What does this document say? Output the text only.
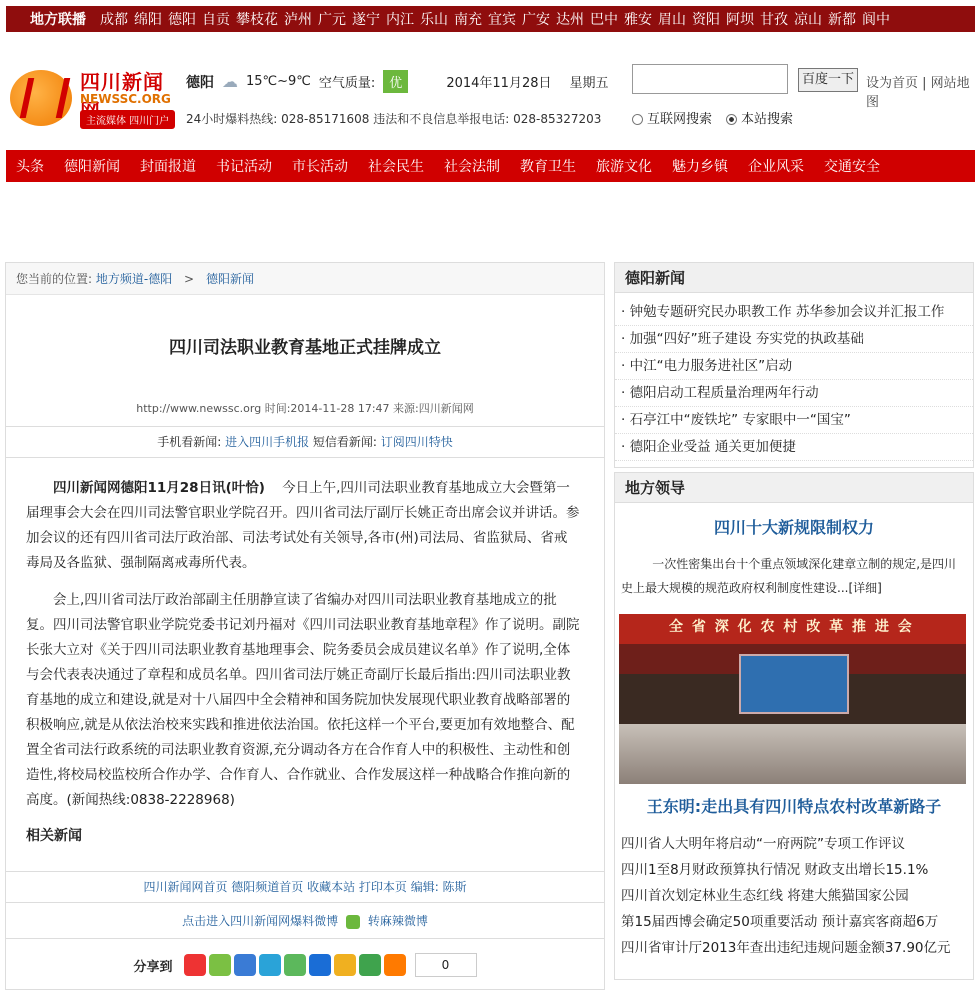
地方联播	成都 绵阳 德阳 自贡 攀枝花 泸州 广元 遂宁 内江 乐山 南充 宜宾 广安 达州 巴中 雅安 眉山 资阳 阿坝 甘孜 凉山 新都 阆中
四川新闻
NEWSSC.ORG
主流媒体 四川门户
德阳 ☁ 15℃~9℃ 空气质量:	优	2014年11月28日 星期五
24小时爆料热线: 028-85171608 违法和不良信息举报电话: 028-85327203
百度一下 设为首页 | 网站地图
互联网搜索	本站搜索
头条	德阳新闻	封面报道	书记活动	市长活动	社会民生	社会法制	教育卫生	旅游文化	魅力乡镇	企业风采	交通安全
您当前的位置: 地方频道-德阳 > 德阳新闻
四川司法职业教育基地正式挂牌成立
http://www.newssc.org 时间:2014-11-28 17:47 来源:四川新闻网
手机看新闻: 进入四川手机报 短信看新闻: 订阅四川特快

四川新闻网德阳11月28日讯(叶恰) 今日上午,四川司法职业教育基地成立大会暨第一届理事会大会在四川司法警官职业学院召开。四川省司法厅副厅长姚正奇出席会议并讲话。参加会议的还有四川省司法厅政治部、司法考试处有关领导,各市(州)司法局、省监狱局、省戒毒局及各监狱、强制隔离戒毒所代表。

会上,四川省司法厅政治部副主任朋静宣读了省编办对四川司法职业教育基地成立的批复。四川司法警官职业学院党委书记刘丹福对《四川司法职业教育基地章程》作了说明。副院长张大立对《关于四川司法职业教育基地理事会、院务委员会成员建议名单》作了说明,全体与会代表表决通过了章程和成员名单。四川省司法厅姚正奇副厅长最后指出:四川司法职业教育基地的成立和建设,就是对十八届四中全会精神和国务院加快发展现代职业教育战略部署的积极响应,就是从依法治校来实践和推进依法治国。依托这样一个平台,要更加有效地整合、配置全省司法行政系统的司法职业教育资源,充分调动各方在合作育人中的积极性、主动性和创造性,将校局校监校所合作办学、合作育人、合作就业、合作发展这样一种战略合作推向新的高度。(新闻热线:0838-2228968)

相关新闻
四川新闻网首页 德阳频道首页 收藏本站 打印本页 编辑: 陈斯
点击进入四川新闻网爆料微博 转麻辣微博
分享到	0
德阳新闻
· 钟勉专题研究民办职教工作 苏华参加会议并汇报工作
· 加强“四好”班子建设 夯实党的执政基础
· 中江“电力服务进社区”启动
· 德阳启动工程质量治理两年行动
· 石亭江中“废铁坨” 专家眼中一“国宝”
· 德阳企业受益 通关更加便捷
地方领导
四川十大新规限制权力
一次性密集出台十个重点领域深化建章立制的规定,是四川史上最大规模的规范政府权利制度性建设...[详细]
全 省 深 化 农 村 改 革 推 进 会
王东明:走出具有四川特点农村改革新路子
四川省人大明年将启动“一府两院”专项工作评议
四川1至8月财政预算执行情况 财政支出增长15.1%
四川首次划定林业生态红线 将建大熊猫国家公园
第15届西博会确定50项重要活动 预计嘉宾客商超6万
四川省审计厅2013年查出违纪违规问题金额37.90亿元
